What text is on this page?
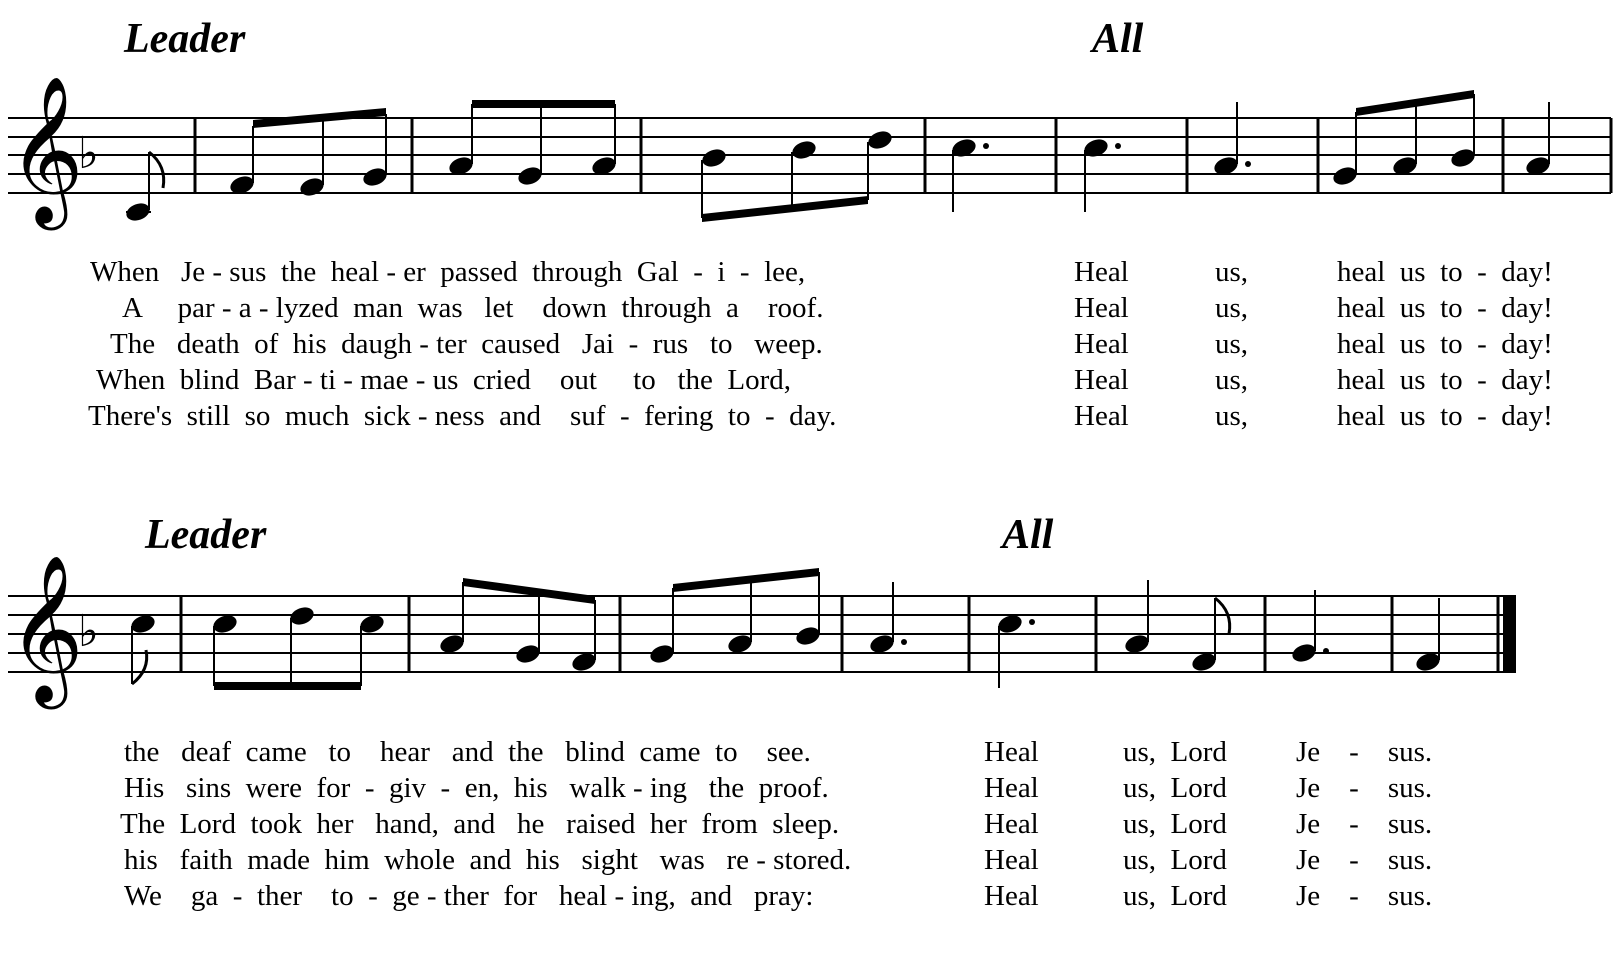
Leader	All
𝄞
♭
When   Je - sus  the  heal - er  passed  through  Gal  -  i  -  lee,
A     par - a - lyzed  man  was   let    down  through  a    roof.
The   death  of  his  daugh - ter  caused   Jai  -  rus   to   weep.
When  blind  Bar - ti - mae - us  cried    out     to   the  Lord,
There's  still  so  much  sick - ness  and    suf  -  fering  to  -  day.
Heal
Heal
Heal
Heal
Heal
us,
us,
us,
us,
us,
heal  us  to  -  day!
heal  us  to  -  day!
heal  us  to  -  day!
heal  us  to  -  day!
heal  us  to  -  day!
Leader	All
𝄞
♭
the   deaf  came   to    hear   and  the   blind  came  to    see.
His   sins  were  for  -  giv  -  en,  his   walk - ing   the  proof.
The  Lord  took  her   hand,  and   he   raised  her  from  sleep.
his   faith  made  him  whole  and  his   sight   was   re - stored.
We    ga  -  ther    to  -  ge - ther  for   heal - ing,  and   pray:
Heal
Heal
Heal
Heal
Heal
us,  Lord
us,  Lord
us,  Lord
us,  Lord
us,  Lord
Je    -    sus.
Je    -    sus.
Je    -    sus.
Je    -    sus.
Je    -    sus.
